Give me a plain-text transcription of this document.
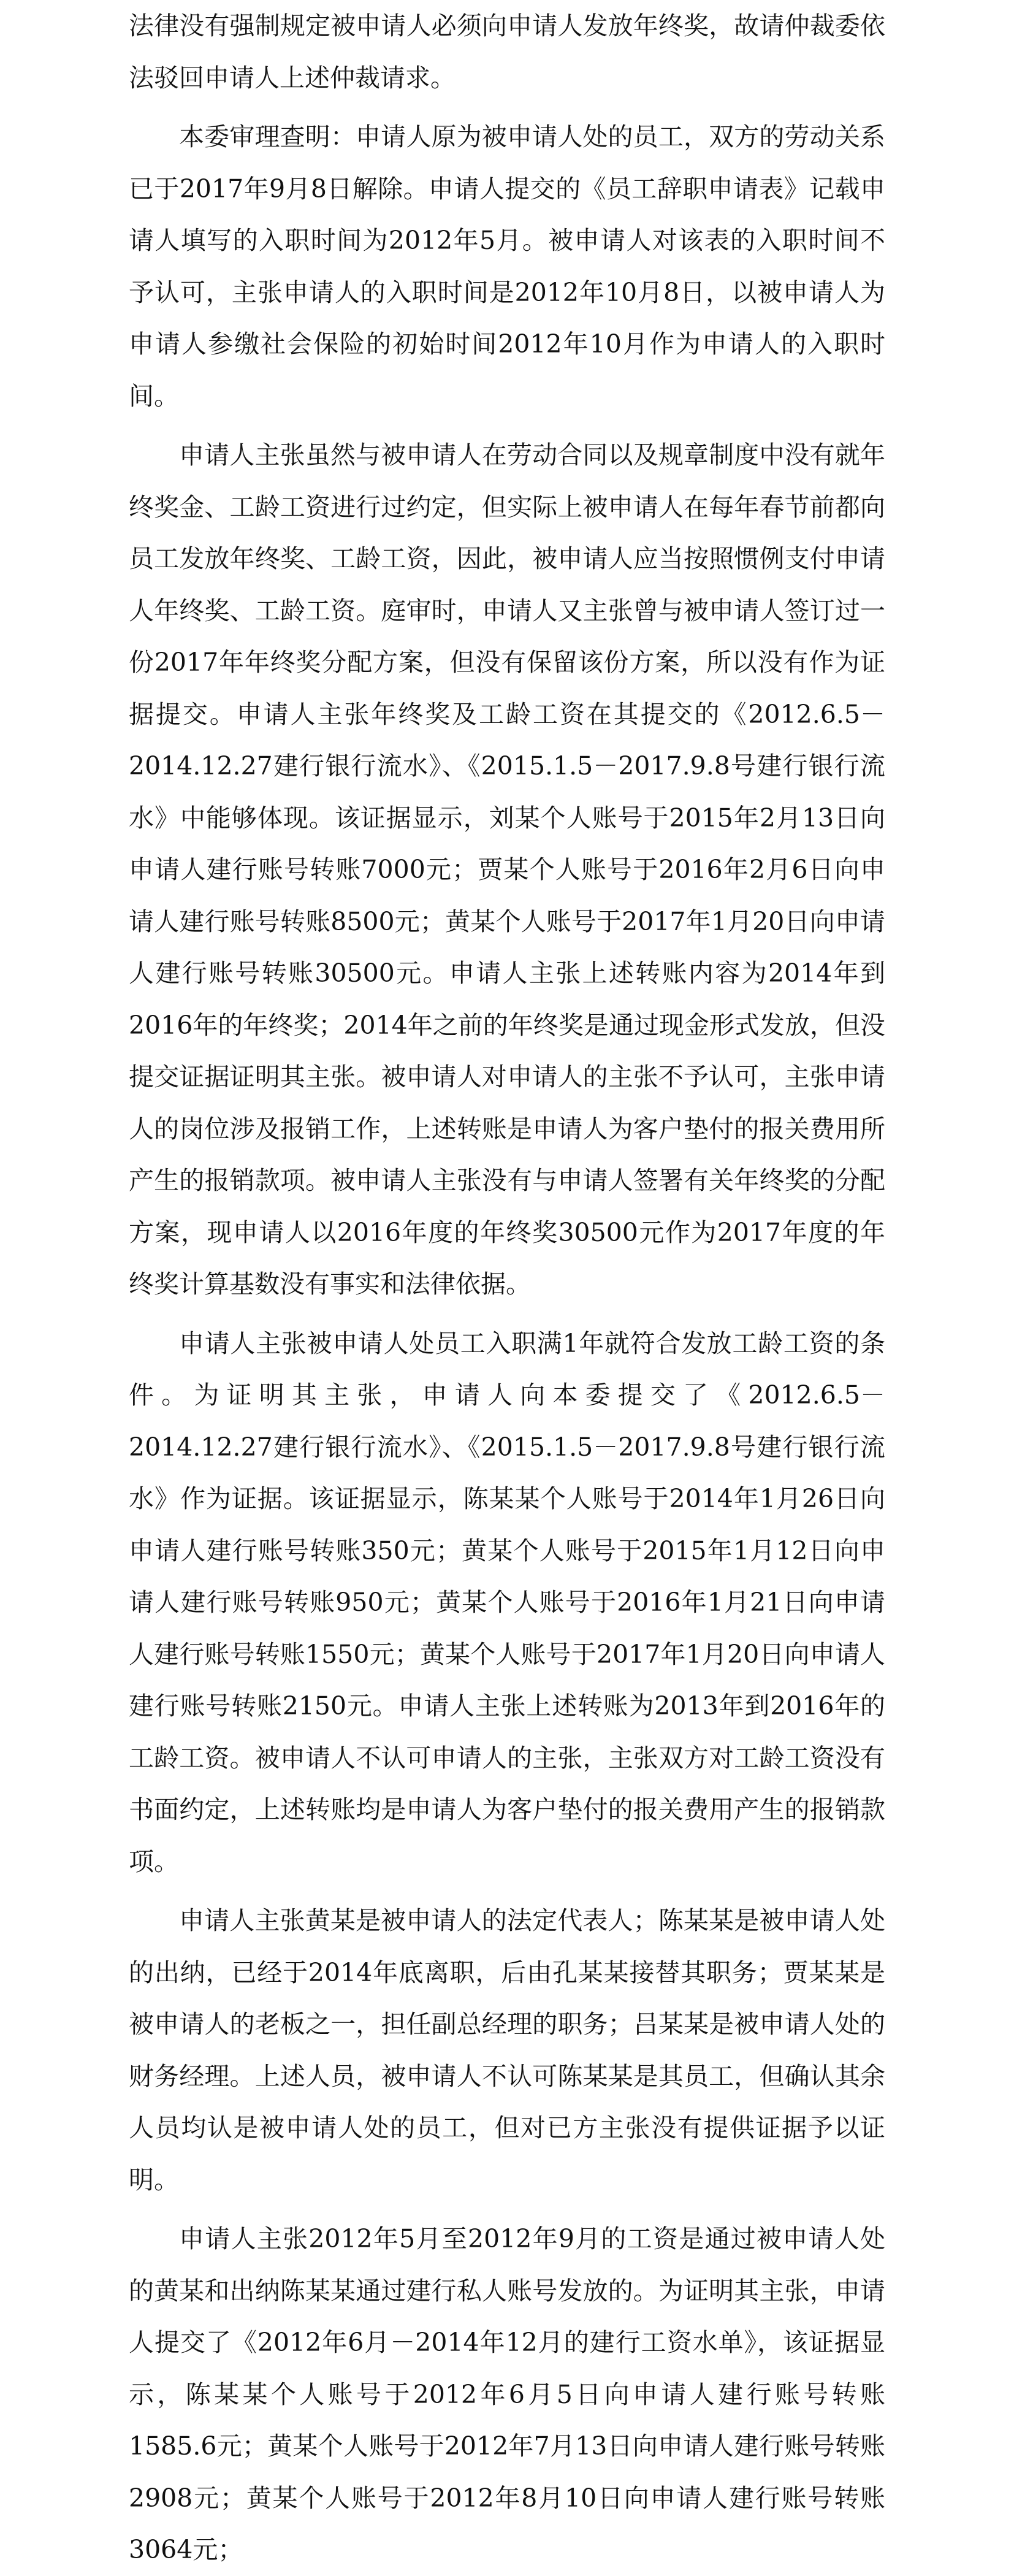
法律没有强制规定被申请人必须向申请人发放年终奖，故请仲裁委依法驳回申请人上述仲裁请求。

本委审理查明：申请人原为被申请人处的员工，双方的劳动关系已于2017年9月8日解除。申请人提交的《员工辞职申请表》记载申请人填写的入职时间为2012年5月。被申请人对该表的入职时间不予认可，主张申请人的入职时间是2012年10月8日，以被申请人为申请人参缴社会保险的初始时间2012年10月作为申请人的入职时间。

申请人主张虽然与被申请人在劳动合同以及规章制度中没有就年终奖金、工龄工资进行过约定，但实际上被申请人在每年春节前都向员工发放年终奖、工龄工资，因此，被申请人应当按照惯例支付申请人年终奖、工龄工资。庭审时，申请人又主张曾与被申请人签订过一份2017年年终奖分配方案，但没有保留该份方案，所以没有作为证据提交。申请人主张年终奖及工龄工资在其提交的《2012.6.5－2014.12.27建行银行流水》、《2015.1.5－2017.9.8号建行银行流水》中能够体现。该证据显示，刘某个人账号于2015年2月13日向申请人建行账号转账7000元；贾某个人账号于2016年2月6日向申请人建行账号转账8500元；黄某个人账号于2017年1月20日向申请人建行账号转账30500元。申请人主张上述转账内容为2014年到2016年的年终奖；2014年之前的年终奖是通过现金形式发放，但没提交证据证明其主张。被申请人对申请人的主张不予认可，主张申请人的岗位涉及报销工作，上述转账是申请人为客户垫付的报关费用所产生的报销款项。被申请人主张没有与申请人签署有关年终奖的分配方案，现申请人以2016年度的年终奖30500元作为2017年度的年终奖计算基数没有事实和法律依据。

申请人主张被申请人处员工入职满1年就符合发放工龄工资的条件。为证明其主张，申请人向本委提交了《2012.6.5－2014.12.27建行银行流水》、《2015.1.5－2017.9.8号建行银行流水》作为证据。该证据显示，陈某某个人账号于2014年1月26日向申请人建行账号转账350元；黄某个人账号于2015年1月12日向申请人建行账号转账950元；黄某个人账号于2016年1月21日向申请人建行账号转账1550元；黄某个人账号于2017年1月20日向申请人建行账号转账2150元。申请人主张上述转账为2013年到2016年的工龄工资。被申请人不认可申请人的主张，主张双方对工龄工资没有书面约定，上述转账均是申请人为客户垫付的报关费用产生的报销款项。

申请人主张黄某是被申请人的法定代表人；陈某某是被申请人处的出纳，已经于2014年底离职，后由孔某某接替其职务；贾某某是被申请人的老板之一，担任副总经理的职务；吕某某是被申请人处的财务经理。上述人员，被申请人不认可陈某某是其员工，但确认其余人员均认是被申请人处的员工，但对已方主张没有提供证据予以证明。

申请人主张2012年5月至2012年9月的工资是通过被申请人处的黄某和出纳陈某某通过建行私人账号发放的。为证明其主张，申请人提交了《2012年6月－2014年12月的建行工资水单》，该证据显示，陈某某个人账号于2012年6月5日向申请人建行账号转账1585.6元；黄某个人账号于2012年7月13日向申请人建行账号转账2908元；黄某个人账号于2012年8月10日向申请人建行账号转账3064元；
